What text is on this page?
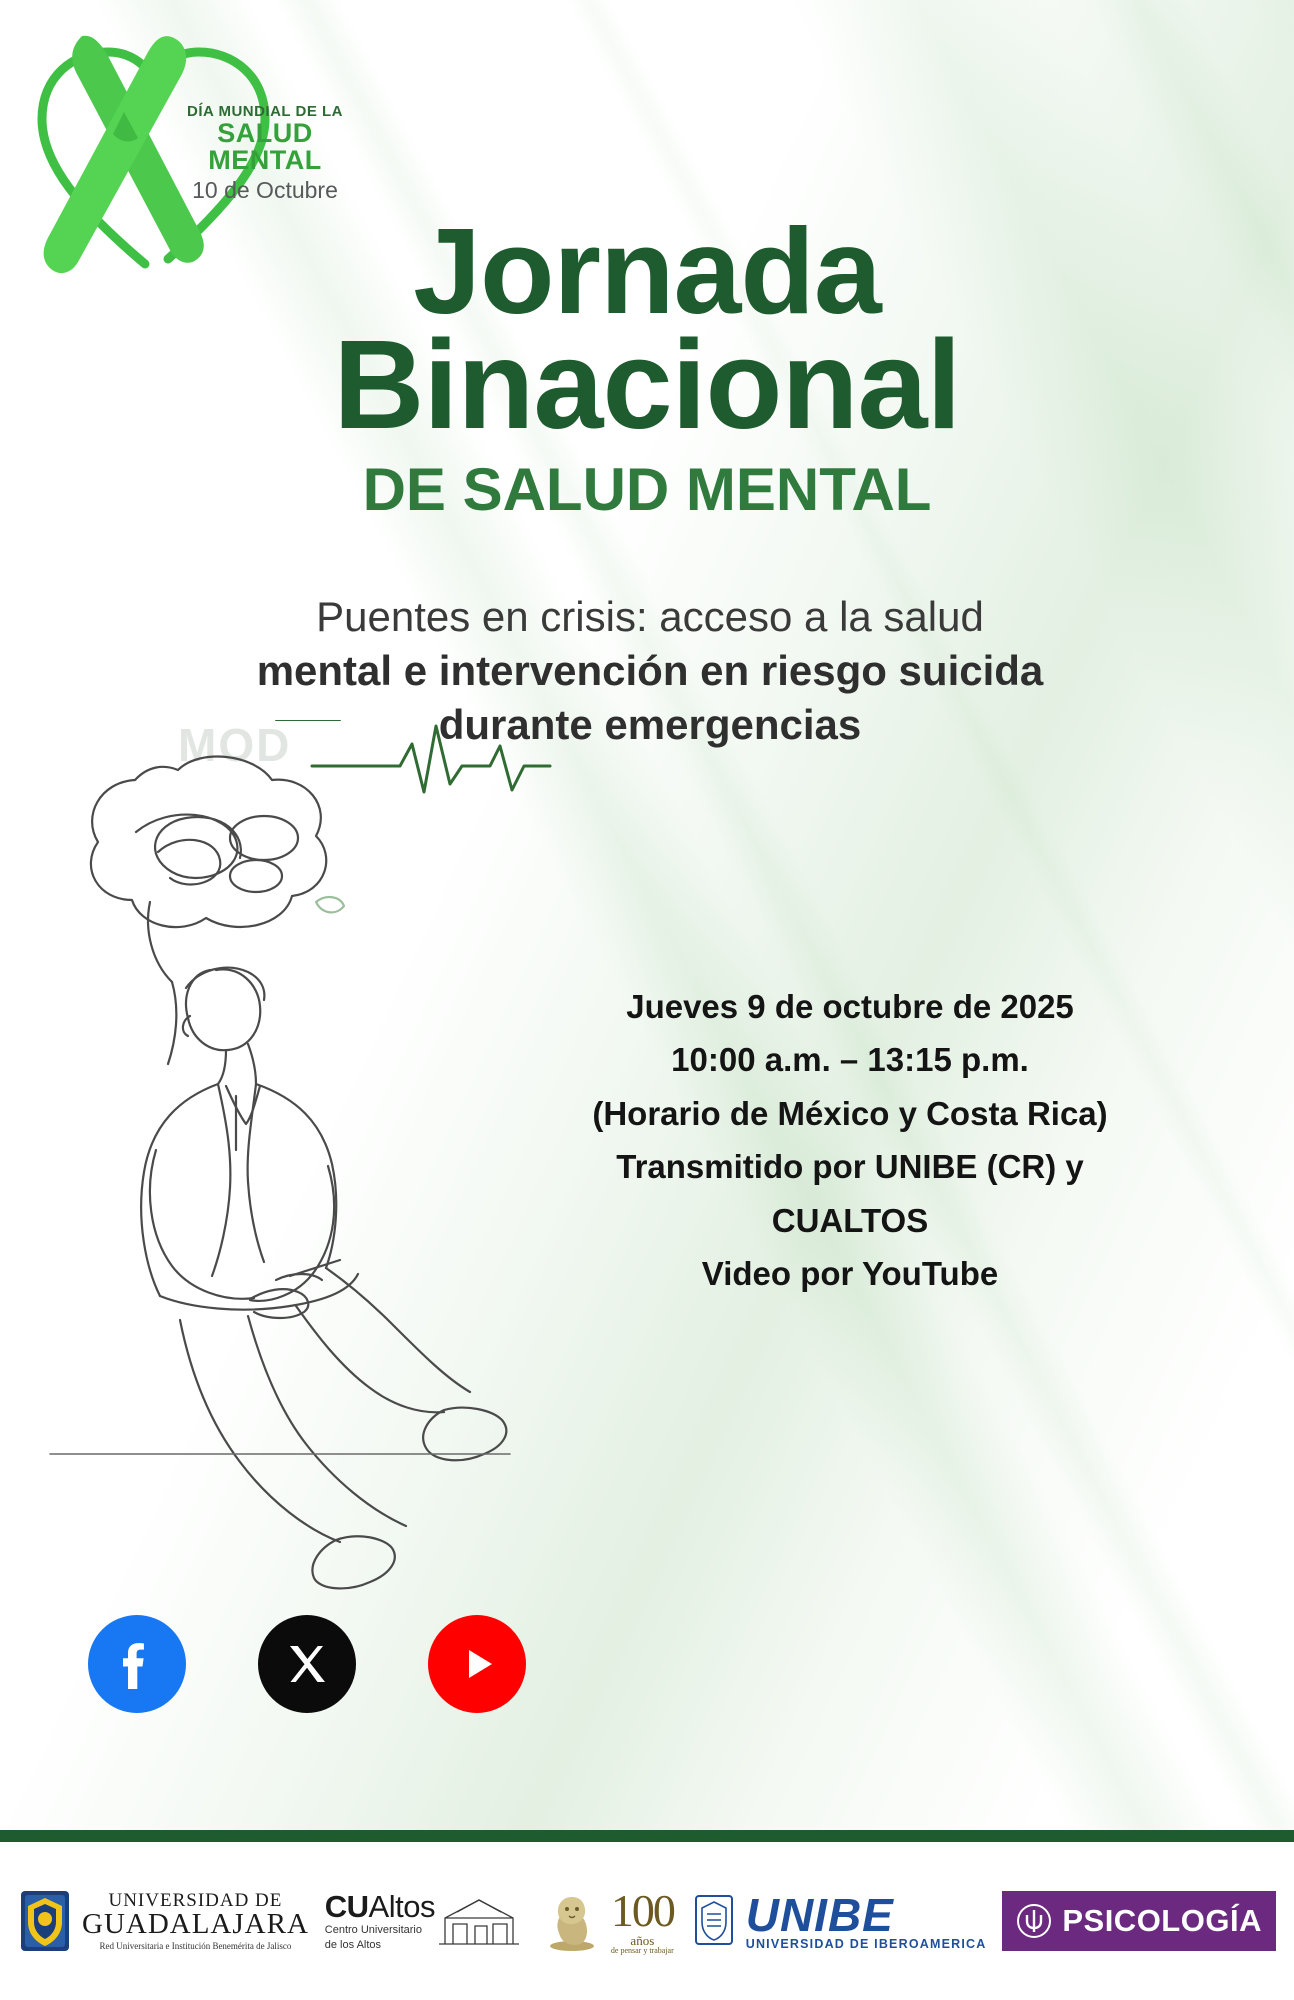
DÍA MUNDIAL DE LA
SALUD
MENTAL
10 de Octubre
Jornada
Binacional
DE SALUD MENTAL
Puentes en crisis: acceso a la salud
mental e intervención en riesgo suicida
durante emergencias
MOD
Jueves 9 de octubre de 2025
10:00 a.m. – 13:15 p.m.
(Horario de México y Costa Rica)
Transmitido por UNIBE (CR) y
CUALTOS
Video por YouTube
UNIVERSIDAD DE
GUADALAJARA
Red Universitaria e Institución Benemérita de Jalisco
CUAltos
Centro Universitario
de los Altos
100
años
de pensar y trabajar
UNIBE
UNIVERSIDAD DE IBEROAMERICA
PSICOLOGÍA
